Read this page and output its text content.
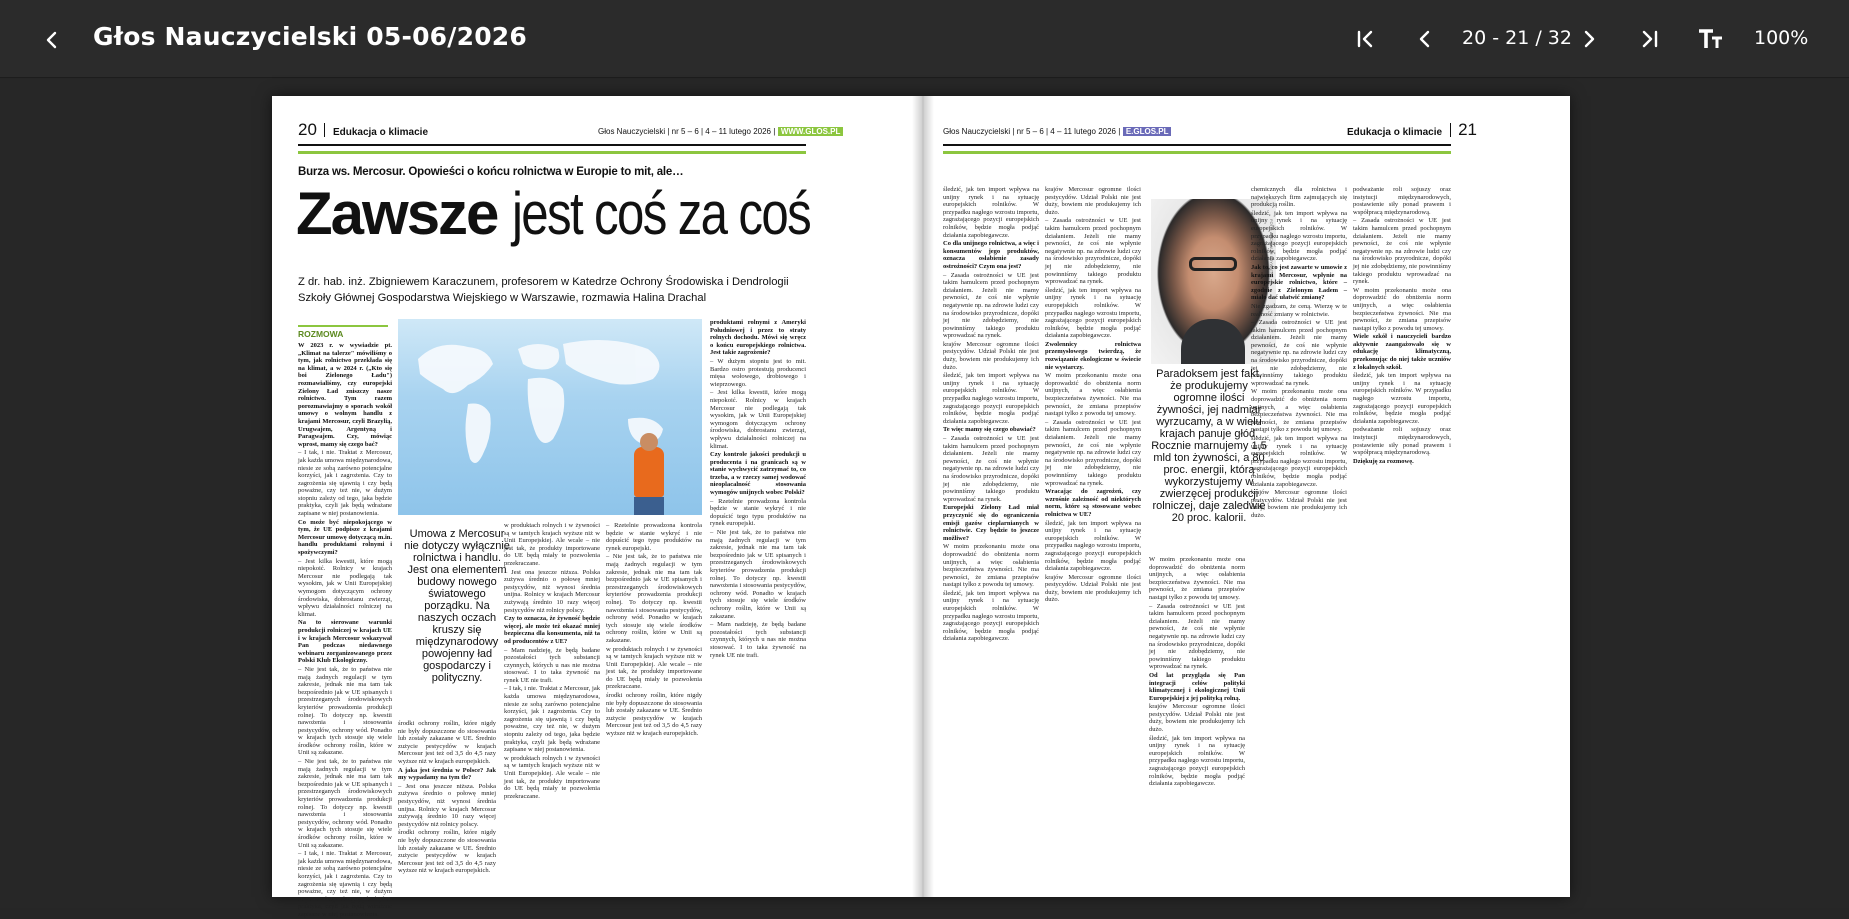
Głos Nauczycielski 05-06/2026	20 - 21 / 32	100%
20 Edukacja o klimacie	Głos Nauczycielski | nr 5 – 6 | 4 – 11 lutego 2026 | WWW.GLOS.PL
Burza ws. Mercosur. Opowieści o końcu rolnictwa w Europie to mit, ale…
Zawsze jest coś za coś
Z dr. hab. inż. Zbigniewem Karaczunem, profesorem w Katedrze Ochrony Środowiska i Dendrologii Szkoły Głównej Gospodarstwa Wiejskiego w Warszawie, rozmawia Halina Drachal
ROZMOWA

W 2023 r. w wywiadzie pt. „Klimat na talerze" mówiliśmy o tym, jak rolnictwo przekłada się na klimat, a w 2024 r. („Kto się boi Zielonego Ładu") rozmawialiśmy, czy europejski Zielony Ład zniszczy nasze rolnictwo. Tym razem porozmawiajmy o sporach wokół umowy o wolnym handlu z krajami Mercosur, czyli Brazylią, Urugwajem, Argentyną i Paragwajem. Czy, mówiąc wprost, mamy się czego bać?

– I tak, i nie. Traktat z Mercosur, jak każda umowa międzynarodowa, niesie ze sobą zarówno potencjalne korzyści, jak i zagrożenia. Czy to zagrożenia się ujawnią i czy będą poważne, czy też nie, w dużym stopniu zależy od tego, jaka będzie praktyka, czyli jak będą wdrażane zapisane w niej postanowienia.

Co może być niepokojącego w tym, że UE podpisze z krajami Mercosur umowę dotyczącą m.in. handlu produktami rolnymi i spożywczymi?

– Jest kilka kwestii, które mogą niepokoić. Rolnicy w krajach Mercosur nie podlegają tak wysokim, jak w Unii Europejskiej wymogom dotyczącym ochrony środowiska, dobrostanu zwierząt, wpływu działalności rolniczej na klimat.

Na to sierowane warunki produkcji rolniczej w krajach UE i w krajach Mercosur wskazywał Pan podczas niedawnego webinaru zorganizowanego przez Polski Klub Ekologiczny.

– Nie jest tak, że to państwa nie mają żadnych regulacji w tym zakresie, jednak nie ma tam tak bezpośrednio jak w UE spisanych i przestrzeganych środowiskowych kryteriów prowadzenia produkcji rolnej. To dotyczy np. kwestii nawożenia i stosowania pestycydów, ochrony wód. Ponadto w krajach tych stosuje się wiele środków ochrony roślin, które w Unii są zakazane.

– Nie jest tak, że to państwa nie mają żadnych regulacji w tym zakresie, jednak nie ma tam tak bezpośrednio jak w UE spisanych i przestrzeganych środowiskowych kryteriów prowadzenia produkcji rolnej. To dotyczy np. kwestii nawożenia i stosowania pestycydów, ochrony wód. Ponadto w krajach tych stosuje się wiele środków ochrony roślin, które w Unii są zakazane.

– I tak, i nie. Traktat z Mercosur, jak każda umowa międzynarodowa, niesie ze sobą zarówno potencjalne korzyści, jak i zagrożenia. Czy to zagrożenia się ujawnią i czy będą poważne, czy też nie, w dużym stopniu zależy od tego, jaka będzie praktyka, czyli jak będą wdrażane zapisane w niej postanowienia.

Umowa z Mercosur nie dotyczy wyłącznie rolnictwa i handlu. Jest ona elementem budowy nowego światowego porządku. Na naszych oczach kruszy się międzynarodowy powojenny ład gospodarczy i polityczny.

środki ochrony roślin, które nigdy nie były dopuszczone do stosowania lub zostały zakazane w UE. Średnio zużycie pestycydów w krajach Mercosur jest też od 3,5 do 4,5 razy wyższe niż w krajach europejskich.

A jaka jest średnia w Polsce? Jak my wypadamy na tym tle?

– Jest ona jeszcze niższa. Polska zużywa średnio o połowę mniej pestycydów, niż wynosi średnia unijna. Rolnicy w krajach Mercosur zużywają średnio 10 razy więcej pestycydów niż rolnicy polscy.

środki ochrony roślin, które nigdy nie były dopuszczone do stosowania lub zostały zakazane w UE. Średnio zużycie pestycydów w krajach Mercosur jest też od 3,5 do 4,5 razy wyższe niż w krajach europejskich.

w produktach rolnych i w żywności są w tamtych krajach wyższe niż w Unii Europejskiej. Ale wcale – nie jest tak, że produkty importowane do UE będą miały te pozwolenia przekraczane.

– Jest ona jeszcze niższa. Polska zużywa średnio o połowę mniej pestycydów, niż wynosi średnia unijna. Rolnicy w krajach Mercosur zużywają średnio 10 razy więcej pestycydów niż rolnicy polscy.

Czy to oznacza, że żywność będzie więcej, ale może też okazać mniej bezpieczna dla konsumenta, niż ta od producentów z UE?

– Mam nadzieję, że będą badane pozostałości tych substancji czynnych, których u nas nie można stosować. I to taka żywność na rynek UE nie trafi.

– I tak, i nie. Traktat z Mercosur, jak każda umowa międzynarodowa, niesie ze sobą zarówno potencjalne korzyści, jak i zagrożenia. Czy to zagrożenia się ujawnią i czy będą poważne, czy też nie, w dużym stopniu zależy od tego, jaka będzie praktyka, czyli jak będą wdrażane zapisane w niej postanowienia.

w produktach rolnych i w żywności są w tamtych krajach wyższe niż w Unii Europejskiej. Ale wcale – nie jest tak, że produkty importowane do UE będą miały te pozwolenia przekraczane.

– Rzetelnie prowadzona kontrola będzie w stanie wykryć i nie dopuścić tego typu produktów na rynek europejski.

– Nie jest tak, że to państwa nie mają żadnych regulacji w tym zakresie, jednak nie ma tam tak bezpośrednio jak w UE spisanych i przestrzeganych środowiskowych kryteriów prowadzenia produkcji rolnej. To dotyczy np. kwestii nawożenia i stosowania pestycydów, ochrony wód. Ponadto w krajach tych stosuje się wiele środków ochrony roślin, które w Unii są zakazane.

w produktach rolnych i w żywności są w tamtych krajach wyższe niż w Unii Europejskiej. Ale wcale – nie jest tak, że produkty importowane do UE będą miały te pozwolenia przekraczane.

środki ochrony roślin, które nigdy nie były dopuszczone do stosowania lub zostały zakazane w UE. Średnio zużycie pestycydów w krajach Mercosur jest też od 3,5 do 4,5 razy wyższe niż w krajach europejskich.

produktami rolnymi z Ameryki Południowej i przez to straty rolnych dochodu. Mówi się wręcz o końcu europejskiego rolnictwa. Jest takie zagrożenie?

– W dużym stopniu jest to mit. Bardzo ostro protestują producenci mięsa wołowego, drobiowego i wieprzowego.

– Jest kilka kwestii, które mogą niepokoić. Rolnicy w krajach Mercosur nie podlegają tak wysokim, jak w Unii Europejskiej wymogom dotyczącym ochrony środowiska, dobrostanu zwierząt, wpływu działalności rolniczej na klimat.

Czy kontrole jakości produkcji u producenta i na granicach są w stanie wychwycić zatrzymać to, co trzeba, a w rzeczy samej wodować nieoplacalność stosowania wymogów unijnych wobec Polski?

– Rzetelnie prowadzona kontrola będzie w stanie wykryć i nie dopuścić tego typu produktów na rynek europejski.

– Nie jest tak, że to państwa nie mają żadnych regulacji w tym zakresie, jednak nie ma tam tak bezpośrednio jak w UE spisanych i przestrzeganych środowiskowych kryteriów prowadzenia produkcji rolnej. To dotyczy np. kwestii nawożenia i stosowania pestycydów, ochrony wód. Ponadto w krajach tych stosuje się wiele środków ochrony roślin, które w Unii są zakazane.

– Mam nadzieję, że będą badane pozostałości tych substancji czynnych, których u nas nie można stosować. I to taka żywność na rynek UE nie trafi.

Głos Nauczycielski | nr 5 – 6 | 4 – 11 lutego 2026 | E.GLOS.PL	Edukacja o klimacie 21

śledzić, jak ten import wpływa na unijny rynek i na sytuację europejskich rolników. W przypadku nagłego wzrostu importu, zagrażającego pozycji europejskich rolników, będzie mogła podjąć działania zapobiegawcze.

Co dla unijnego rolnictwa, a więc i konsumentów jego produktów, oznacza osłabienie zasady ostrożności? Czym ona jest?

– Zasada ostrożności w UE jest takim hamulcem przed pochopnym działaniem. Jeżeli nie mamy pewności, że coś nie wpłynie negatywnie np. na zdrowie ludzi czy na środowisko przyrodnicze, dopóki jej nie zdobędziemy, nie powinniśmy takiego produktu wprowadzać na rynek.

krajów Mercosur ogromne ilości pestycydów. Udział Polski nie jest duży, bowiem nie produkujemy ich dużo.

śledzić, jak ten import wpływa na unijny rynek i na sytuację europejskich rolników. W przypadku nagłego wzrostu importu, zagrażającego pozycji europejskich rolników, będzie mogła podjąć działania zapobiegawcze.

Te więc mamy się czego obawiać?

– Zasada ostrożności w UE jest takim hamulcem przed pochopnym działaniem. Jeżeli nie mamy pewności, że coś nie wpłynie negatywnie np. na zdrowie ludzi czy na środowisko przyrodnicze, dopóki jej nie zdobędziemy, nie powinniśmy takiego produktu wprowadzać na rynek.

Europejski Zielony Ład miał przyczynić się do ograniczenia emisji gazów cieplarnianych w rolnictwie. Czy będzie to jeszcze możliwe?

W moim przekonaniu może ona doprowadzić do obniżenia norm unijnych, a więc osłabienia bezpieczeństwa żywności. Nie ma pewności, że zmiana przepisów nastąpi tylko z powodu tej umowy.

śledzić, jak ten import wpływa na unijny rynek i na sytuację europejskich rolników. W przypadku nagłego wzrostu importu, zagrażającego pozycji europejskich rolników, będzie mogła podjąć działania zapobiegawcze.

krajów Mercosur ogromne ilości pestycydów. Udział Polski nie jest duży, bowiem nie produkujemy ich dużo.

– Zasada ostrożności w UE jest takim hamulcem przed pochopnym działaniem. Jeżeli nie mamy pewności, że coś nie wpłynie negatywnie np. na zdrowie ludzi czy na środowisko przyrodnicze, dopóki jej nie zdobędziemy, nie powinniśmy takiego produktu wprowadzać na rynek.

śledzić, jak ten import wpływa na unijny rynek i na sytuację europejskich rolników. W przypadku nagłego wzrostu importu, zagrażającego pozycji europejskich rolników, będzie mogła podjąć działania zapobiegawcze.

Zwolennicy rolnictwa przemysłowego twierdzą, że rozwiązanie ekologiczne w świecie nie wystarczy.

W moim przekonaniu może ona doprowadzić do obniżenia norm unijnych, a więc osłabienia bezpieczeństwa żywności. Nie ma pewności, że zmiana przepisów nastąpi tylko z powodu tej umowy.

– Zasada ostrożności w UE jest takim hamulcem przed pochopnym działaniem. Jeżeli nie mamy pewności, że coś nie wpłynie negatywnie np. na zdrowie ludzi czy na środowisko przyrodnicze, dopóki jej nie zdobędziemy, nie powinniśmy takiego produktu wprowadzać na rynek.

Wracając do zagrożeń, czy wzrośnie zależność od niektórych norm, które są stosowane wobec rolnictwa w UE?

śledzić, jak ten import wpływa na unijny rynek i na sytuację europejskich rolników. W przypadku nagłego wzrostu importu, zagrażającego pozycji europejskich rolników, będzie mogła podjąć działania zapobiegawcze.

krajów Mercosur ogromne ilości pestycydów. Udział Polski nie jest duży, bowiem nie produkujemy ich dużo.

FOTO: ARCHIWUM PRYWATNE
Paradoksem jest fakt, że produkujemy ogromne ilości żywności, jej nadmiar wyrzucamy, a w wielu krajach panuje głód. Rocznie marnujemy 1,5 mld ton żywności, a 80 proc. energii, którą wykorzystujemy w zwierzęcej produkcji rolniczej, daje zaledwie 20 proc. kalorii.

W moim przekonaniu może ona doprowadzić do obniżenia norm unijnych, a więc osłabienia bezpieczeństwa żywności. Nie ma pewności, że zmiana przepisów nastąpi tylko z powodu tej umowy.

– Zasada ostrożności w UE jest takim hamulcem przed pochopnym działaniem. Jeżeli nie mamy pewności, że coś nie wpłynie negatywnie np. na zdrowie ludzi czy na środowisko przyrodnicze, dopóki jej nie zdobędziemy, nie powinniśmy takiego produktu wprowadzać na rynek.

Od lat przygląda się Pan integracji celów polityki klimatycznej i ekologicznej Unii Europejskiej z jej polityką rolną.

krajów Mercosur ogromne ilości pestycydów. Udział Polski nie jest duży, bowiem nie produkujemy ich dużo.

śledzić, jak ten import wpływa na unijny rynek i na sytuację europejskich rolników. W przypadku nagłego wzrostu importu, zagrażającego pozycji europejskich rolników, będzie mogła podjąć działania zapobiegawcze.

chemicznych dla rolnictwa i największych firm zajmujących się produkcją roślin.

śledzić, jak ten import wpływa na unijny rynek i na sytuację europejskich rolników. W przypadku nagłego wzrostu importu, zagrażającego pozycji europejskich rolników, będzie mogła podjąć działania zapobiegawcze.

Jak to, co jest zawarte w umowie z krajami Mercosur, wpłynie na europejskie rolnictwo, które – zgodnie z Zielonym Ładem – miało dać ułatwić zmianę?

Nie zgadzam, że ceną. Wierzę w te realność zmiany w rolnictwie.

– Zasada ostrożności w UE jest takim hamulcem przed pochopnym działaniem. Jeżeli nie mamy pewności, że coś nie wpłynie negatywnie np. na zdrowie ludzi czy na środowisko przyrodnicze, dopóki jej nie zdobędziemy, nie powinniśmy takiego produktu wprowadzać na rynek.

W moim przekonaniu może ona doprowadzić do obniżenia norm unijnych, a więc osłabienia bezpieczeństwa żywności. Nie ma pewności, że zmiana przepisów nastąpi tylko z powodu tej umowy.

śledzić, jak ten import wpływa na unijny rynek i na sytuację europejskich rolników. W przypadku nagłego wzrostu importu, zagrażającego pozycji europejskich rolników, będzie mogła podjąć działania zapobiegawcze.

krajów Mercosur ogromne ilości pestycydów. Udział Polski nie jest duży, bowiem nie produkujemy ich dużo.

podważanie roli sojuszy oraz instytucji międzynarodowych, postawienie siły ponad prawem i współpracą międzynarodową.

– Zasada ostrożności w UE jest takim hamulcem przed pochopnym działaniem. Jeżeli nie mamy pewności, że coś nie wpłynie negatywnie np. na zdrowie ludzi czy na środowisko przyrodnicze, dopóki jej nie zdobędziemy, nie powinniśmy takiego produktu wprowadzać na rynek.

W moim przekonaniu może ona doprowadzić do obniżenia norm unijnych, a więc osłabienia bezpieczeństwa żywności. Nie ma pewności, że zmiana przepisów nastąpi tylko z powodu tej umowy.

Wiele szkół i nauczycieli bardzo aktywnie zaangażowało się w edukację klimatyczną, przekonując do niej także uczniów z lokalnych szkół.

śledzić, jak ten import wpływa na unijny rynek i na sytuację europejskich rolników. W przypadku nagłego wzrostu importu, zagrażającego pozycji europejskich rolników, będzie mogła podjąć działania zapobiegawcze.

podważanie roli sojuszy oraz instytucji międzynarodowych, postawienie siły ponad prawem i współpracą międzynarodową.

Dziękuję za rozmowę.
